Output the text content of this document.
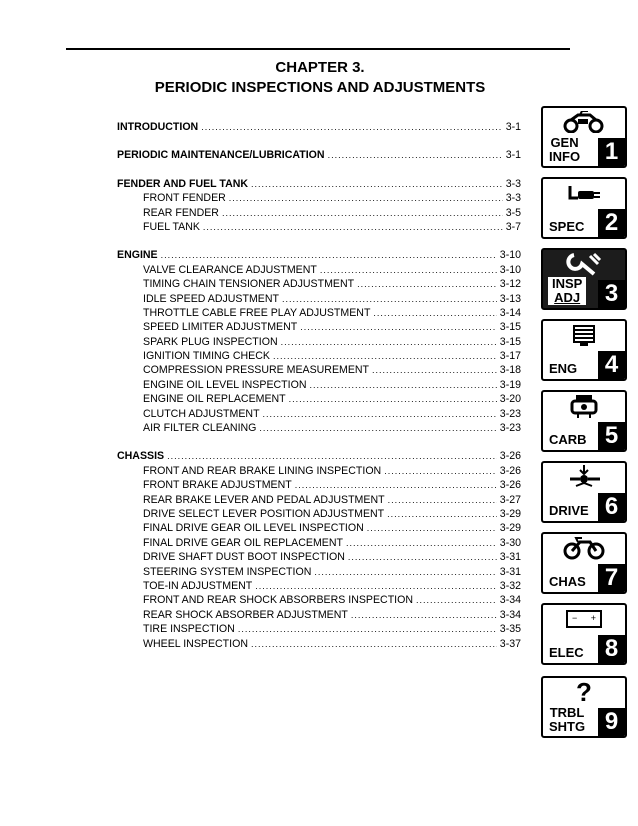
CHAPTER 3.
PERIODIC INSPECTIONS AND ADJUSTMENTS
INTRODUCTION .....	3-1
PERIODIC MAINTENANCE/LUBRICATION .....	3-1
FENDER AND FUEL TANK .....	3-3
FRONT FENDER .....	3-3
REAR FENDER .....	3-5
FUEL TANK .....	3-7
ENGINE .....	3-10
VALVE CLEARANCE ADJUSTMENT .....	3-10
TIMING CHAIN TENSIONER ADJUSTMENT .....	3-12
IDLE SPEED ADJUSTMENT .....	3-13
THROTTLE CABLE FREE PLAY ADJUSTMENT .....	3-14
SPEED LIMITER ADJUSTMENT .....	3-15
SPARK PLUG INSPECTION .....	3-15
IGNITION TIMING CHECK .....	3-17
COMPRESSION PRESSURE MEASUREMENT .....	3-18
ENGINE OIL LEVEL INSPECTION .....	3-19
ENGINE OIL REPLACEMENT .....	3-20
CLUTCH ADJUSTMENT .....	3-23
AIR FILTER CLEANING .....	3-23
CHASSIS .....	3-26
FRONT AND REAR BRAKE LINING INSPECTION .....	3-26
FRONT BRAKE ADJUSTMENT .....	3-26
REAR BRAKE LEVER AND PEDAL ADJUSTMENT .....	3-27
DRIVE SELECT LEVER POSITION ADJUSTMENT .....	3-29
FINAL DRIVE GEAR OIL LEVEL INSPECTION .....	3-29
FINAL DRIVE GEAR OIL REPLACEMENT .....	3-30
DRIVE SHAFT DUST BOOT INSPECTION .....	3-31
STEERING SYSTEM INSPECTION .....	3-31
TOE-IN ADJUSTMENT .....	3-32
FRONT AND REAR SHOCK ABSORBERS INSPECTION .....	3-34
REAR SHOCK ABSORBER ADJUSTMENT .....	3-34
TIRE INSPECTION .....	3-35
WHEEL INSPECTION .....	3-37
GEN
INFO 1
SPEC 2
INSP
ADJ 3
ENG 4
CARB 5
DRIVE 6
CHAS 7
− +
ELEC 8
?
TRBL
SHTG 9
